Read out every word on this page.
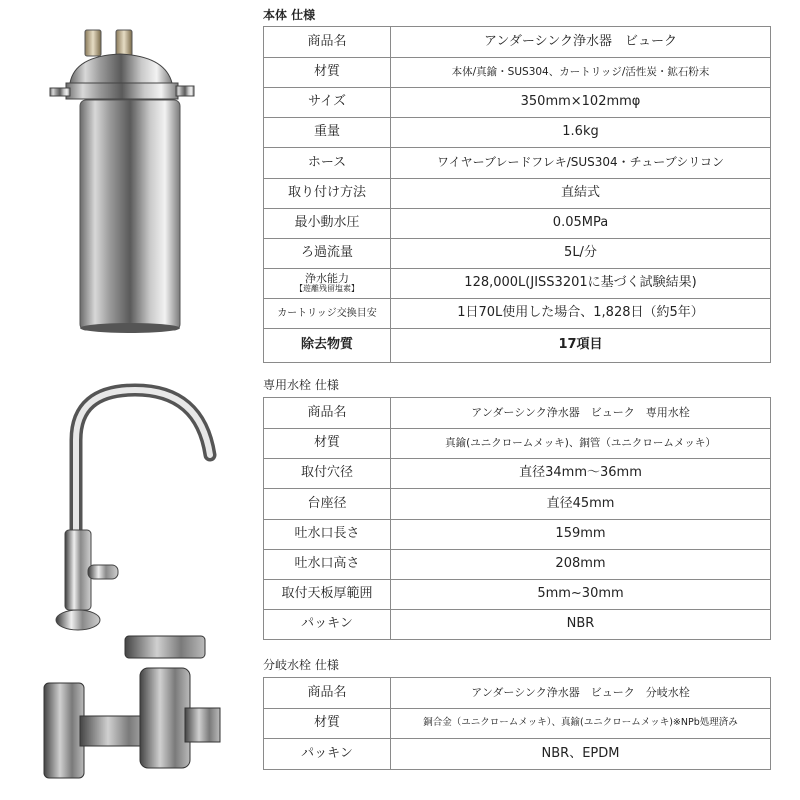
本体 仕様
商品名	アンダーシンク浄水器　ビューク
材質	本体/真鍮・SUS304、カートリッジ/活性炭・鉱石粉末
サイズ	350mm×102mmφ
重量	1.6kg
ホース	ワイヤーブレードフレキ/SUS304・チューブシリコン
取り付け方法	直結式
最小動水圧	0.05MPa
ろ過流量	5L/分

浄水能力
【遊離残留塩素】	128,000L(JISS3201に基づく試験結果)
カートリッジ交換目安	1日70L使用した場合、1,828日（約5年）
除去物質	17項目
専用水栓 仕様
商品名	アンダーシンク浄水器　ビューク　専用水栓
材質	真鍮(ユニクロームメッキ)、銅管（ユニクロームメッキ）
取付穴径	直径34mm～36mm
台座径	直径45mm
吐水口長さ	159mm
吐水口高さ	208mm
取付天板厚範囲	5mm~30mm
パッキン	NBR
分岐水栓 仕様
商品名	アンダーシンク浄水器　ビューク　分岐水栓
材質	銅合金（ユニクロームメッキ）、真鍮(ユニクロームメッキ)※NPb処理済み
パッキン	NBR、EPDM
